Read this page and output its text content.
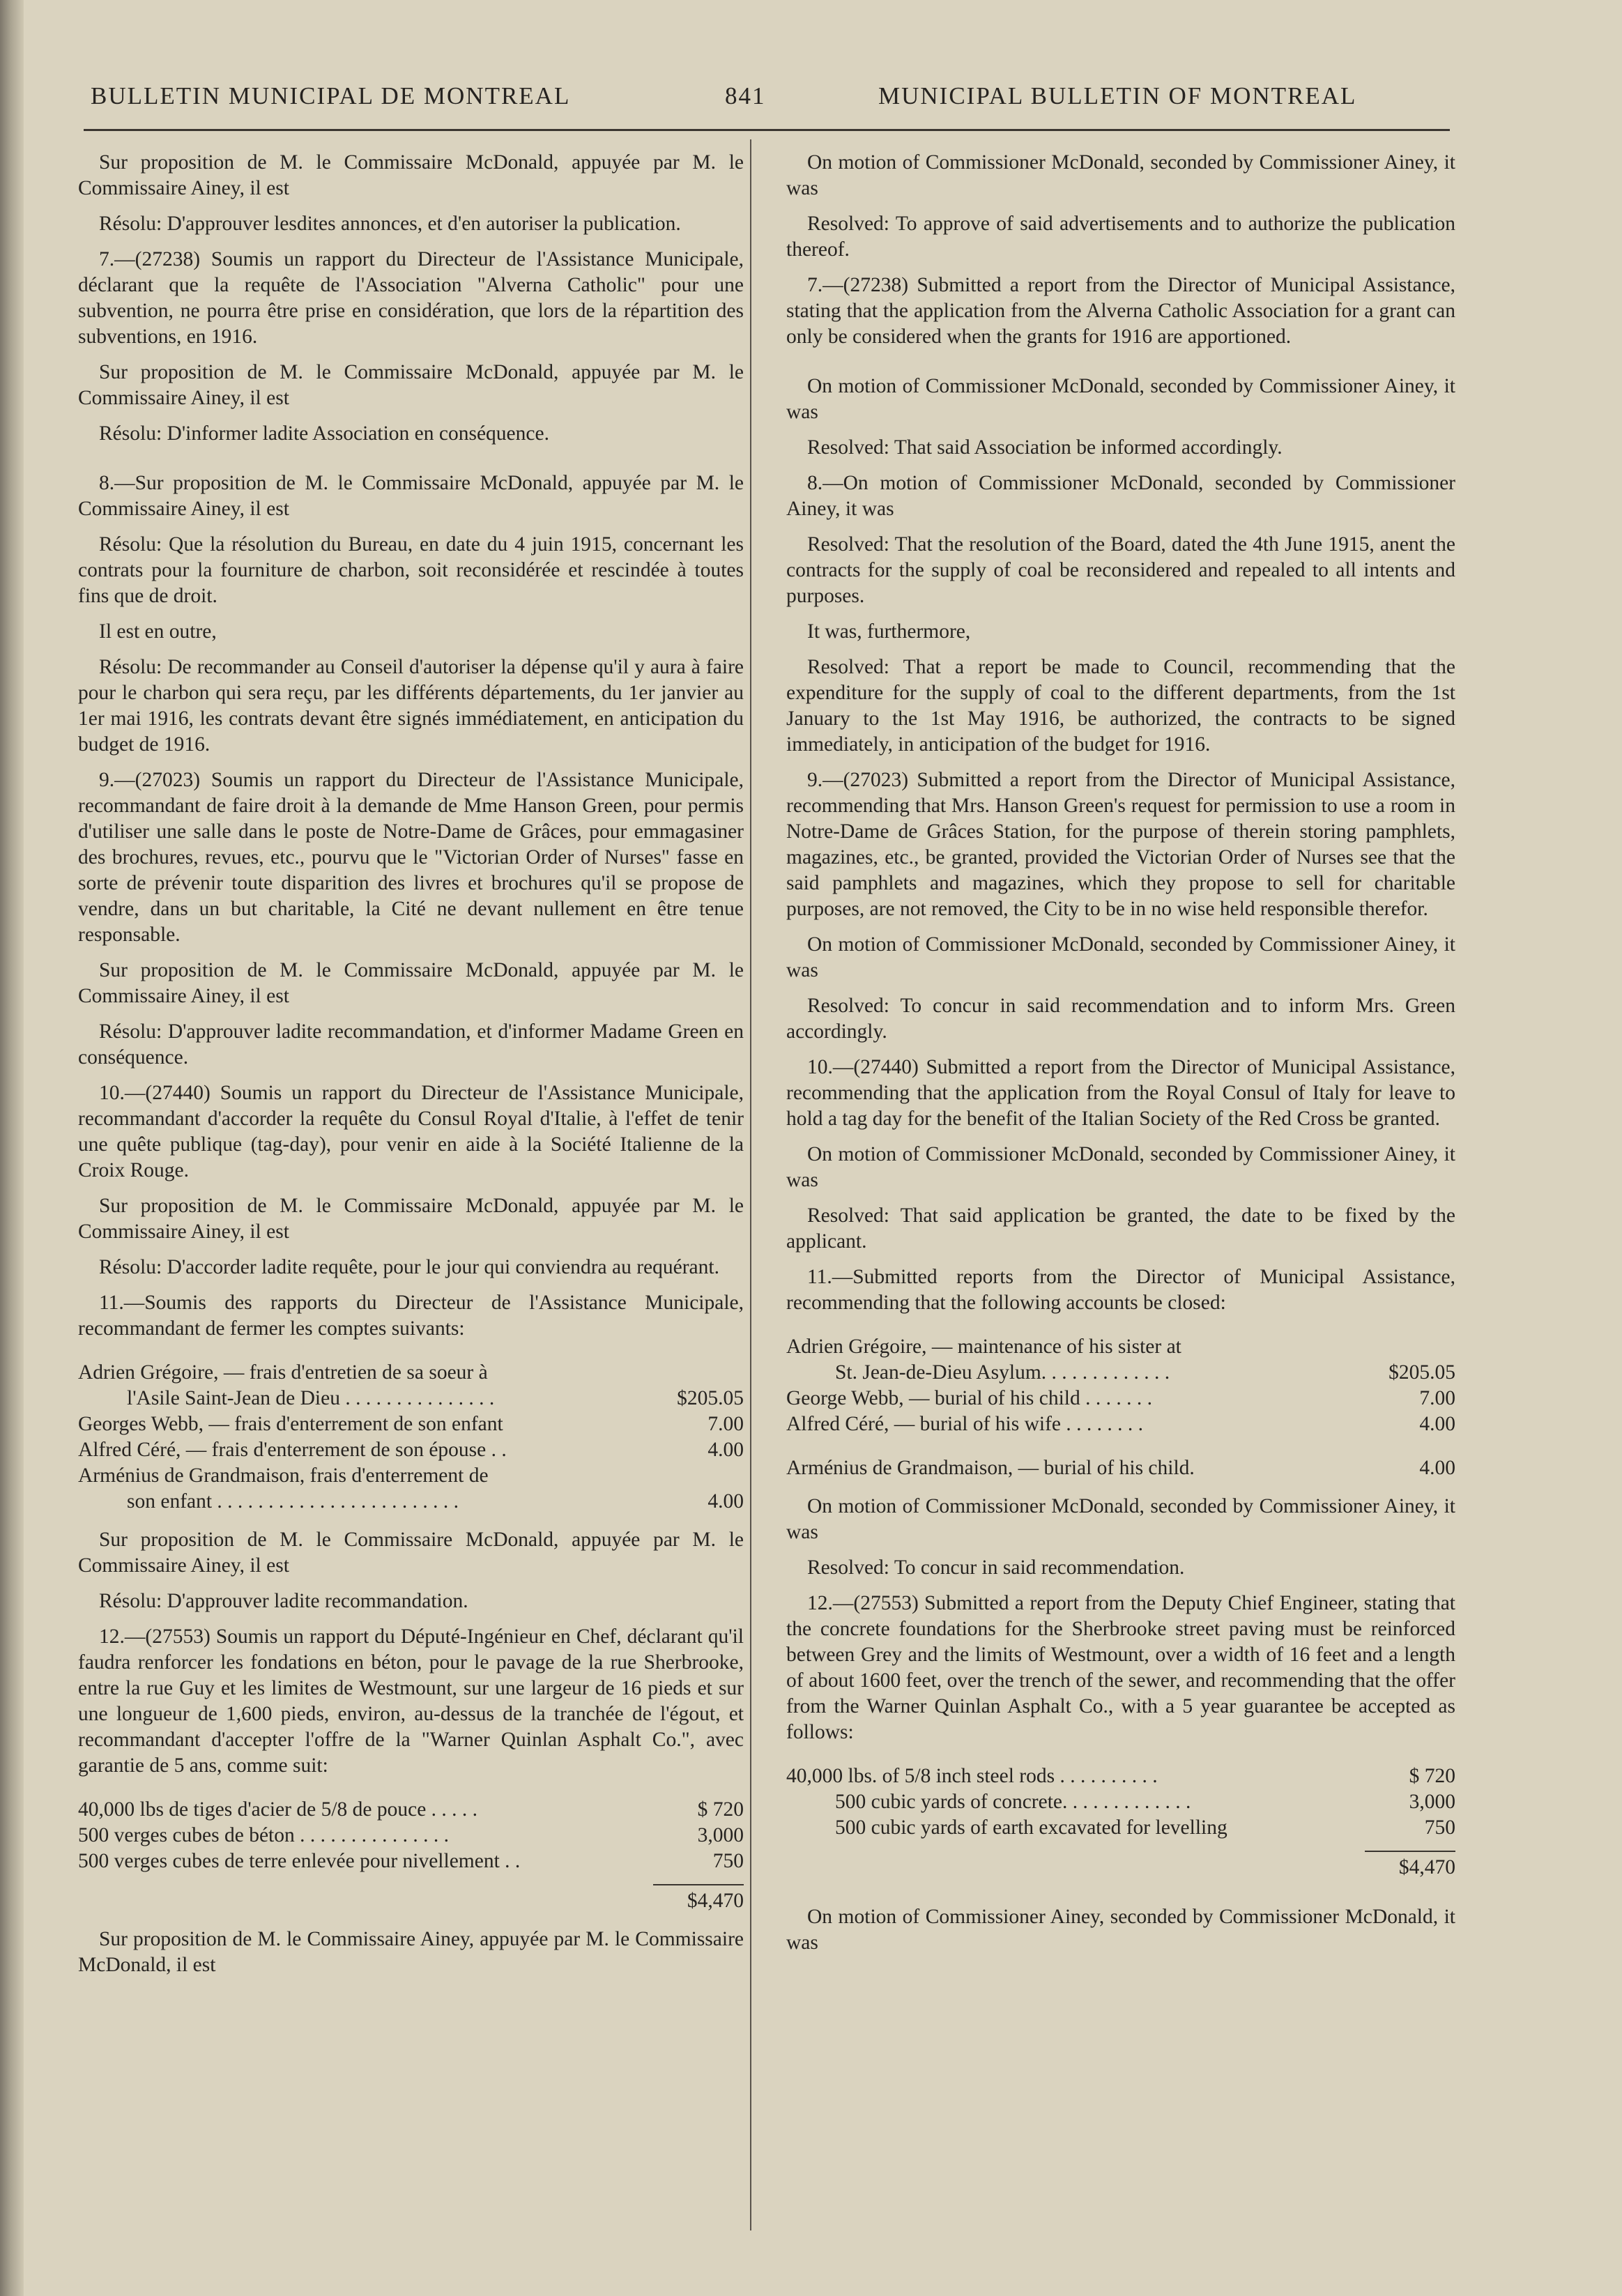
BULLETIN MUNICIPAL DE MONTREAL	841	MUNICIPAL BULLETIN OF MONTREAL

Sur proposition de M. le Commissaire McDonald, appuyée par M. le Commissaire Ainey, il est

Résolu: D'approuver lesdites annonces, et d'en autoriser la publication.

7.—(27238) Soumis un rapport du Directeur de l'Assistance Municipale, déclarant que la requête de l'Association "Alverna Catholic" pour une subvention, ne pourra être prise en considération, que lors de la répartition des subventions, en 1916.

Sur proposition de M. le Commissaire McDonald, appuyée par M. le Commissaire Ainey, il est

Résolu: D'informer ladite Association en conséquence.

8.—Sur proposition de M. le Commissaire McDonald, appuyée par M. le Commissaire Ainey, il est

Résolu: Que la résolution du Bureau, en date du 4 juin 1915, concernant les contrats pour la fourniture de charbon, soit reconsidérée et rescindée à toutes fins que de droit.

Il est en outre,

Résolu: De recommander au Conseil d'autoriser la dépense qu'il y aura à faire pour le charbon qui sera reçu, par les différents départements, du 1er janvier au 1er mai 1916, les contrats devant être signés immédiatement, en anticipation du budget de 1916.

9.—(27023) Soumis un rapport du Directeur de l'Assistance Municipale, recommandant de faire droit à la demande de Mme Hanson Green, pour permis d'utiliser une salle dans le poste de Notre-Dame de Grâces, pour emmagasiner des brochures, revues, etc., pourvu que le "Victorian Order of Nurses" fasse en sorte de prévenir toute disparition des livres et brochures qu'il se propose de vendre, dans un but charitable, la Cité ne devant nullement en être tenue responsable.

Sur proposition de M. le Commissaire McDonald, appuyée par M. le Commissaire Ainey, il est

Résolu: D'approuver ladite recommandation, et d'informer Madame Green en conséquence.

10.—(27440) Soumis un rapport du Directeur de l'Assistance Municipale, recommandant d'accorder la requête du Consul Royal d'Italie, à l'effet de tenir une quête publique (tag-day), pour venir en aide à la Société Italienne de la Croix Rouge.

Sur proposition de M. le Commissaire McDonald, appuyée par M. le Commissaire Ainey, il est

Résolu: D'accorder ladite requête, pour le jour qui conviendra au requérant.

11.—Soumis des rapports du Directeur de l'Assistance Municipale, recommandant de fermer les comptes suivants:

Adrien Grégoire, — frais d'entretien de sa soeur à
l'Asile Saint-Jean de Dieu . . . . . . . . . . . . . . .	$205.05
Georges Webb, — frais d'enterrement de son enfant	7.00
Alfred Céré, — frais d'enterrement de son épouse . .	4.00
Arménius de Grandmaison, frais d'enterrement de
son enfant . . . . . . . . . . . . . . . . . . . . . . . .	4.00

Sur proposition de M. le Commissaire McDonald, appuyée par M. le Commissaire Ainey, il est

Résolu: D'approuver ladite recommandation.

12.—(27553) Soumis un rapport du Député-Ingénieur en Chef, déclarant qu'il faudra renforcer les fondations en béton, pour le pavage de la rue Sherbrooke, entre la rue Guy et les limites de Westmount, sur une largeur de 16 pieds et sur une longueur de 1,600 pieds, environ, au-dessus de la tranchée de l'égout, et recommandant d'accepter l'offre de la "Warner Quinlan Asphalt Co.", avec garantie de 5 ans, comme suit:

40,000 lbs de tiges d'acier de 5/8 de pouce . . . . .	$ 720
500 verges cubes de béton . . . . . . . . . . . . . . .	3,000
500 verges cubes de terre enlevée pour nivellement . .	750
$4,470

Sur proposition de M. le Commissaire Ainey, appuyée par M. le Commissaire McDonald, il est

On motion of Commissioner McDonald, seconded by Commissioner Ainey, it was

Resolved: To approve of said advertisements and to authorize the publication thereof.

7.—(27238) Submitted a report from the Director of Municipal Assistance, stating that the application from the Alverna Catholic Association for a grant can only be considered when the grants for 1916 are apportioned.

On motion of Commissioner McDonald, seconded by Commissioner Ainey, it was

Resolved: That said Association be informed accordingly.

8.—On motion of Commissioner McDonald, seconded by Commissioner Ainey, it was

Resolved: That the resolution of the Board, dated the 4th June 1915, anent the contracts for the supply of coal be reconsidered and repealed to all intents and purposes.

It was, furthermore,

Resolved: That a report be made to Council, recommending that the expenditure for the supply of coal to the different departments, from the 1st January to the 1st May 1916, be authorized, the contracts to be signed immediately, in anticipation of the budget for 1916.

9.—(27023) Submitted a report from the Director of Municipal Assistance, recommending that Mrs. Hanson Green's request for permission to use a room in Notre-Dame de Grâces Station, for the purpose of therein storing pamphlets, magazines, etc., be granted, provided the Victorian Order of Nurses see that the said pamphlets and magazines, which they propose to sell for charitable purposes, are not removed, the City to be in no wise held responsible therefor.

On motion of Commissioner McDonald, seconded by Commissioner Ainey, it was

Resolved: To concur in said recommendation and to inform Mrs. Green accordingly.

10.—(27440) Submitted a report from the Director of Municipal Assistance, recommending that the application from the Royal Consul of Italy for leave to hold a tag day for the benefit of the Italian Society of the Red Cross be granted.

On motion of Commissioner McDonald, seconded by Commissioner Ainey, it was

Resolved: That said application be granted, the date to be fixed by the applicant.

11.—Submitted reports from the Director of Municipal Assistance, recommending that the following accounts be closed:

Adrien Grégoire, — maintenance of his sister at
St. Jean-de-Dieu Asylum. . . . . . . . . . . . .	$205.05
George Webb, — burial of his child . . . . . . .	7.00
Alfred Céré, — burial of his wife . . . . . . . .	4.00
Arménius de Grandmaison, — burial of his child.	4.00

On motion of Commissioner McDonald, seconded by Commissioner Ainey, it was

Resolved: To concur in said recommendation.

12.—(27553) Submitted a report from the Deputy Chief Engineer, stating that the concrete foundations for the Sherbrooke street paving must be reinforced between Grey and the limits of Westmount, over a width of 16 feet and a length of about 1600 feet, over the trench of the sewer, and recommending that the offer from the Warner Quinlan Asphalt Co., with a 5 year guarantee be accepted as follows:

40,000 lbs. of 5/8 inch steel rods . . . . . . . . . .	$ 720
500 cubic yards of concrete. . . . . . . . . . . . .	3,000
500 cubic yards of earth excavated for levelling	750
$4,470

On motion of Commissioner Ainey, seconded by Commissioner McDonald, it was
